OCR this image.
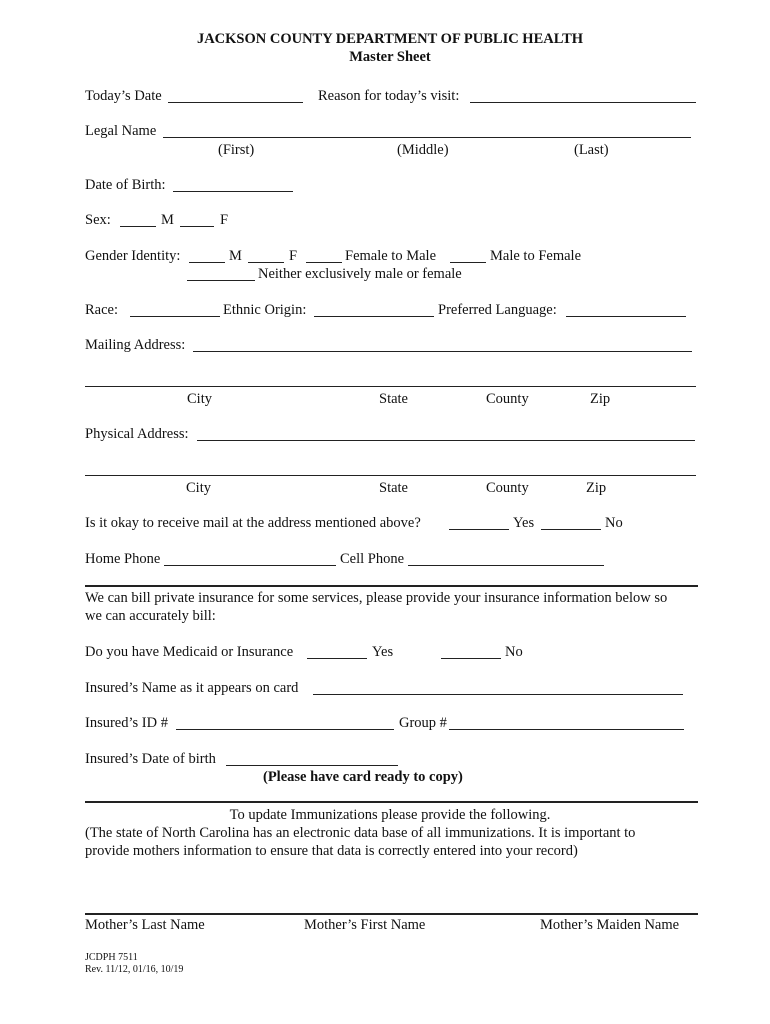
JACKSON COUNTY DEPARTMENT OF PUBLIC HEALTH
Master Sheet
Today’s Date	Reason for today’s visit:
Legal Name
(First)	(Middle)	(Last)
Date of Birth:
Sex:	M	F
Gender Identity:	M	F	Female to Male	Male to Female
Neither exclusively male or female
Race:	Ethnic Origin:	Preferred Language:
Mailing Address:
City	State	County	Zip
Physical Address:
City	State	County	Zip
Is it okay to receive mail at the address mentioned above?	Yes	No
Home Phone	Cell Phone
We can bill private insurance for some services, please provide your insurance information below so
we can accurately bill:
Do you have Medicaid or Insurance	Yes	No
Insured’s Name as it appears on card
Insured’s ID #	Group #
Insured’s Date of birth
(Please have card ready to copy)
To update Immunizations please provide the following.
(The state of North Carolina has an electronic data base of all immunizations. It is important to
provide mothers information to ensure that data is correctly entered into your record)
Mother’s Last Name	Mother’s First Name	Mother’s Maiden Name
JCDPH 7511
Rev. 11/12, 01/16, 10/19
